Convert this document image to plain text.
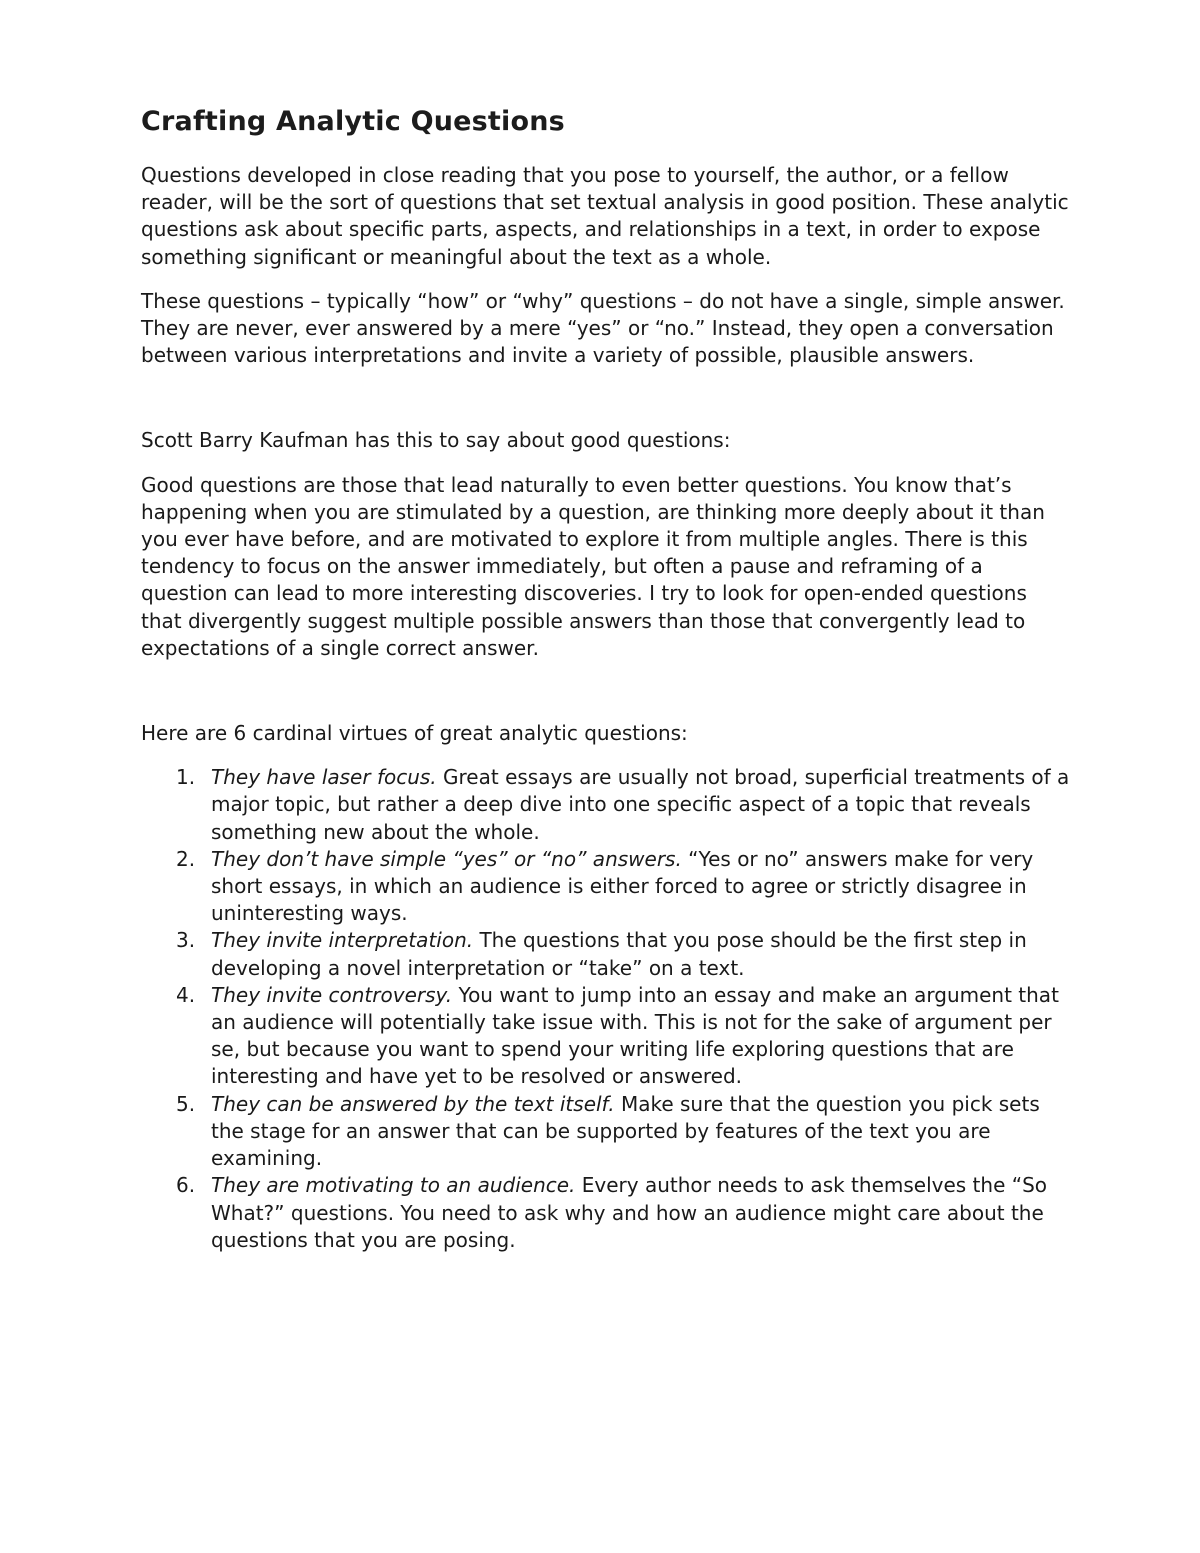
Crafting Analytic Questions

Questions developed in close reading that you pose to yourself, the author, or a fellow reader, will be the sort of questions that set textual analysis in good position. These analytic questions ask about specific parts, aspects, and relationships in a text, in order to expose something significant or meaningful about the text as a whole.

These questions – typically “how” or “why” questions – do not have a single, simple answer. They are never, ever answered by a mere “yes” or “no.” Instead, they open a conversation between various interpretations and invite a variety of possible, plausible answers.

Scott Barry Kaufman has this to say about good questions:

Good questions are those that lead naturally to even better questions. You know that’s happening when you are stimulated by a question, are thinking more deeply about it than you ever have before, and are motivated to explore it from multiple angles. There is this tendency to focus on the answer immediately, but often a pause and reframing of a question can lead to more interesting discoveries. I try to look for open-ended questions that divergently suggest multiple possible answers than those that convergently lead to expectations of a single correct answer.

Here are 6 cardinal virtues of great analytic questions:

1. They have laser focus. Great essays are usually not broad, superficial treatments of a major topic, but rather a deep dive into one specific aspect of a topic that reveals something new about the whole.
2. They don’t have simple “yes” or “no” answers. “Yes or no” answers make for very short essays, in which an audience is either forced to agree or strictly disagree in uninteresting ways.
3. They invite interpretation. The questions that you pose should be the first step in developing a novel interpretation or “take” on a text.
4. They invite controversy. You want to jump into an essay and make an argument that an audience will potentially take issue with. This is not for the sake of argument per se, but because you want to spend your writing life exploring questions that are interesting and have yet to be resolved or answered.
5. They can be answered by the text itself. Make sure that the question you pick sets the stage for an answer that can be supported by features of the text you are examining.
6. They are motivating to an audience. Every author needs to ask themselves the “So What?” questions. You need to ask why and how an audience might care about the questions that you are posing.
